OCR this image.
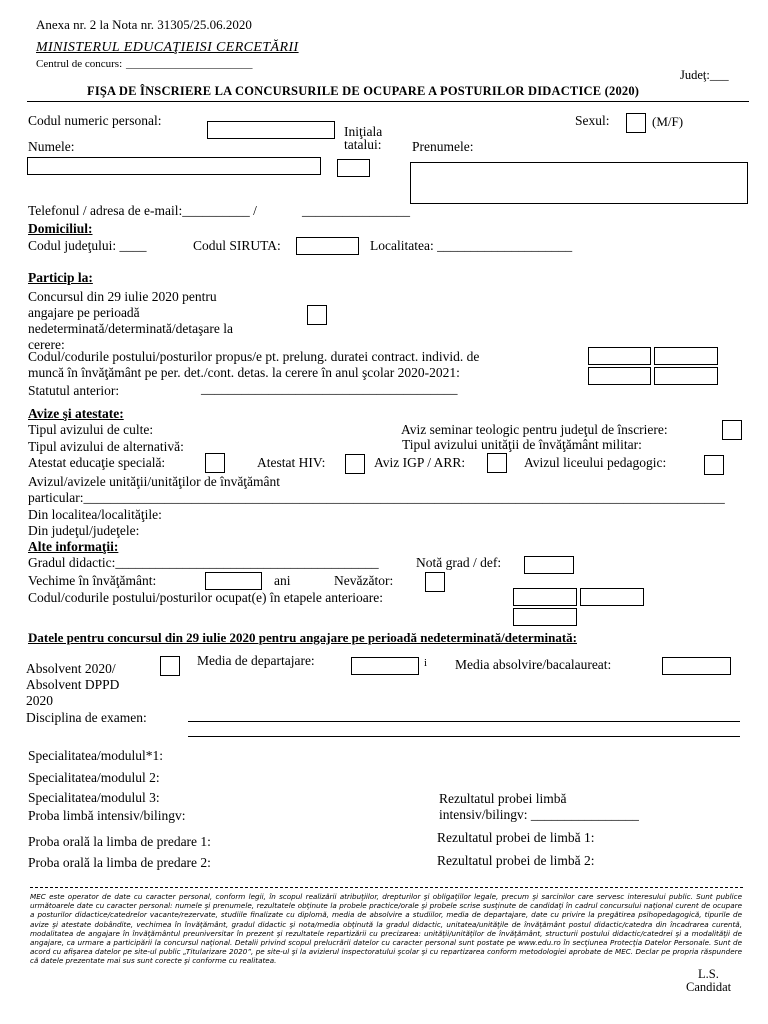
Anexa nr. 2 la Nota nr. 31305/25.06.2020
MINISTERUL EDUCAŢIEISI CERCETĂRII
Centrul de concurs: _______________________
Judeţ:___
FIŞA DE ÎNSCRIERE LA CONCURSURILE DE OCUPARE A POSTURILOR DIDACTICE (2020)
Codul numeric personal:
Iniţiala
tatalui:
Sexul:	(M/F)
Numele:	Prenumele:
Telefonul / adresa de e-mail:__________ /	________________
Domiciliul:
Codul judeţului: ____	Codul SIRUTA:	Localitatea: ____________________
Particip la:
Concursul din 29 iulie 2020 pentru
angajare pe perioadă
nedeterminată/determinată/detaşare la
cerere:
Codul/codurile postului/posturilor propus/e pt. prelung. duratei contract. individ. de
muncă în învăţământ pe per. det./cont. detas. la cerere în anul şcolar 2020-2021:
Statutul anterior:	______________________________________
Avize şi atestate:
Tipul avizului de culte:	Aviz seminar teologic pentru judeţul de înscriere:
Tipul avizului de alternativă:	Tipul avizului unităţii de învăţământ militar:
Atestat educaţie specială:	Atestat HIV:	Aviz IGP / ARR:	Avizul liceului pedagogic:
Avizul/avizele unităţii/unităţilor de învăţământ
particular:_______________________________________________________________________________________________
Din localitea/localităţile:
Din judeţul/judeţele:
Alte informaţii:
Gradul didactic:_______________________________________	Notă grad / def:
Vechime în învăţământ:	ani	Nevăzător:
Codul/codurile postului/posturilor ocupat(e) în etapele anterioare:
Datele pentru concursul din 29 iulie 2020 pentru angajare pe perioadă nedeterminată/determinată:
Media de departajare:	i Media absolvire/bacalaureat:
Absolvent 2020/
Absolvent DPPD
2020
Disciplina de examen:
Specialitatea/modulul*1:
Specialitatea/modulul 2:
Specialitatea/modulul 3:
Proba limbă intensiv/bilingv:
Rezultatul probei limbă
intensiv/bilingv: ________________
Proba orală la limba de predare 1:	Rezultatul probei de limbă 1:
Proba orală la limba de predare 2:	Rezultatul probei de limbă 2:
MEC este operator de date cu caracter personal, conform legii, în scopul realizării atribuţiilor, drepturilor şi obligaţiilor legale, precum şi sarcinilor care servesc interesului public. Sunt publice următoarele date cu caracter personal: numele şi prenumele, rezultatele obţinute la probele practice/orale şi probele scrise susţinute de candidaţi în cadrul concursului naţional curent de ocupare a posturilor didactice/catedrelor vacante/rezervate, studiile finalizate cu diplomă, media de absolvire a studiilor, media de departajare, date cu privire la pregătirea psihopedagogică, tipurile de avize şi atestate dobândite, vechimea în învăţământ, gradul didactic şi nota/media obţinută la gradul didactic, unitatea/unităţile de învăţământ postul didactic/catedra din încadrarea curentă, modalitatea de angajare în învăţământul preuniversitar în prezent şi rezultatele repartizării cu precizarea: unităţii/unităţilor de învăţământ, structurii postului didactic/catedrei şi a modalităţii de angajare, ca urmare a participării la concursul naţional. Detalii privind scopul prelucrării datelor cu caracter personal sunt postate pe www.edu.ro în secţiunea Protecţia Datelor Personale. Sunt de acord cu afişarea datelor pe site-ul public „Titularizare 2020”, pe site-ul şi la avizierul inspectoratului şcolar şi cu repartizarea conform metodologiei aprobate de MEC. Declar pe propria răspundere că datele prezentate mai sus sunt corecte şi conforme cu realitatea.
L.S.
Candidat
